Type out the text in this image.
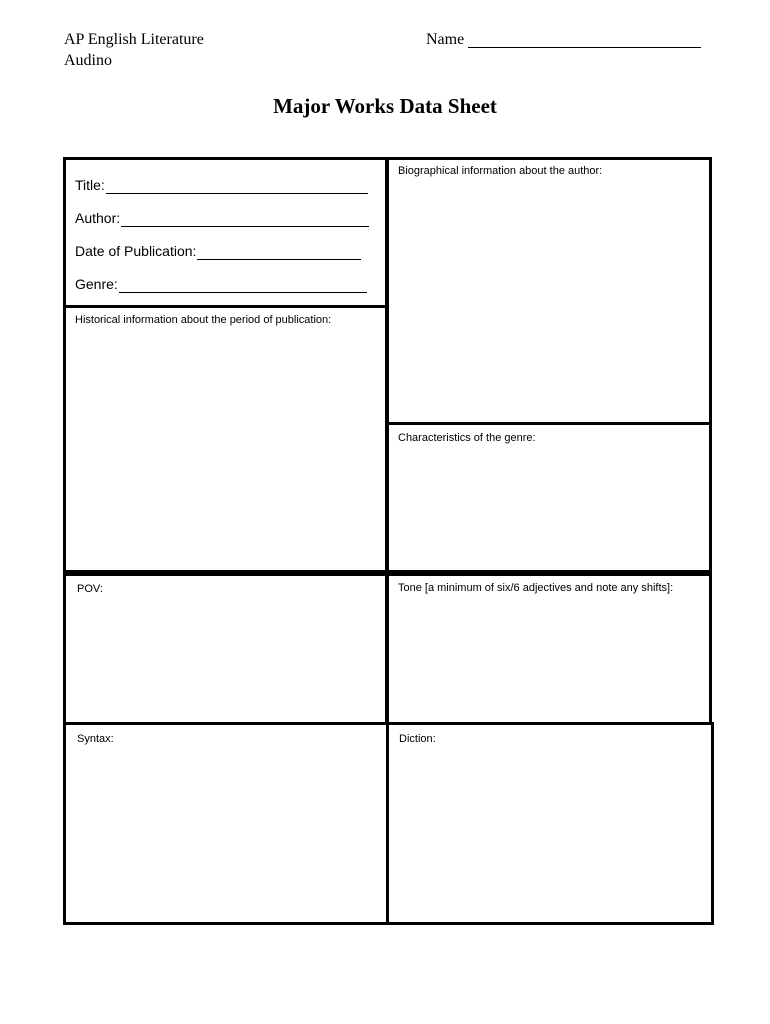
AP English Literature
Audino
Name
Major Works Data Sheet
Title:
Author:
Date of Publication:
Genre:
Historical information about the period of publication:
Biographical information about the author:
Characteristics of the genre:
POV:	Tone [a minimum of six/6 adjectives and note any shifts]:
Syntax:	Diction:
